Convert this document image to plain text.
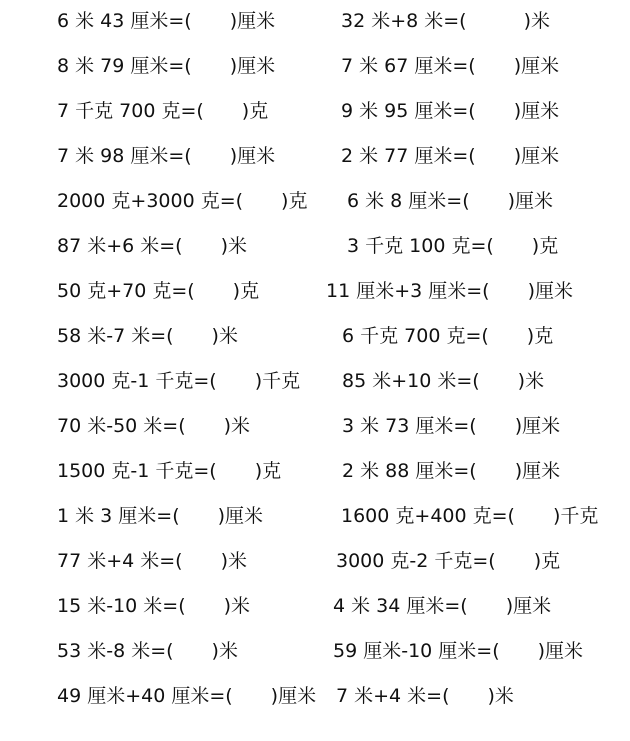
6 米 43 厘米=(　　)厘米	32 米+8 米=(　　　)米
8 米 79 厘米=(　　)厘米	7 米 67 厘米=(　　)厘米
7 千克 700 克=(　　)克	9 米 95 厘米=(　　)厘米
7 米 98 厘米=(　　)厘米	2 米 77 厘米=(　　)厘米
2000 克+3000 克=(　　)克 6 米 8 厘米=(　　)厘米
87 米+6 米=(　　)米	3 千克 100 克=(　　)克
50 克+70 克=(　　)克	11 厘米+3 厘米=(　　)厘米
58 米-7 米=(　　)米	6 千克 700 克=(　　)克
3000 克-1 千克=(　　)千克 85 米+10 米=(　　)米
70 米-50 米=(　　)米	3 米 73 厘米=(　　)厘米
1500 克-1 千克=(　　)克	2 米 88 厘米=(　　)厘米
1 米 3 厘米=(　　)厘米	1600 克+400 克=(　　)千克
77 米+4 米=(　　)米	3000 克-2 千克=(　　)克
15 米-10 米=(　　)米	4 米 34 厘米=(　　)厘米
53 米-8 米=(　　)米	59 厘米-10 厘米=(　　)厘米
49 厘米+40 厘米=(　　)厘米 7 米+4 米=(　　)米
